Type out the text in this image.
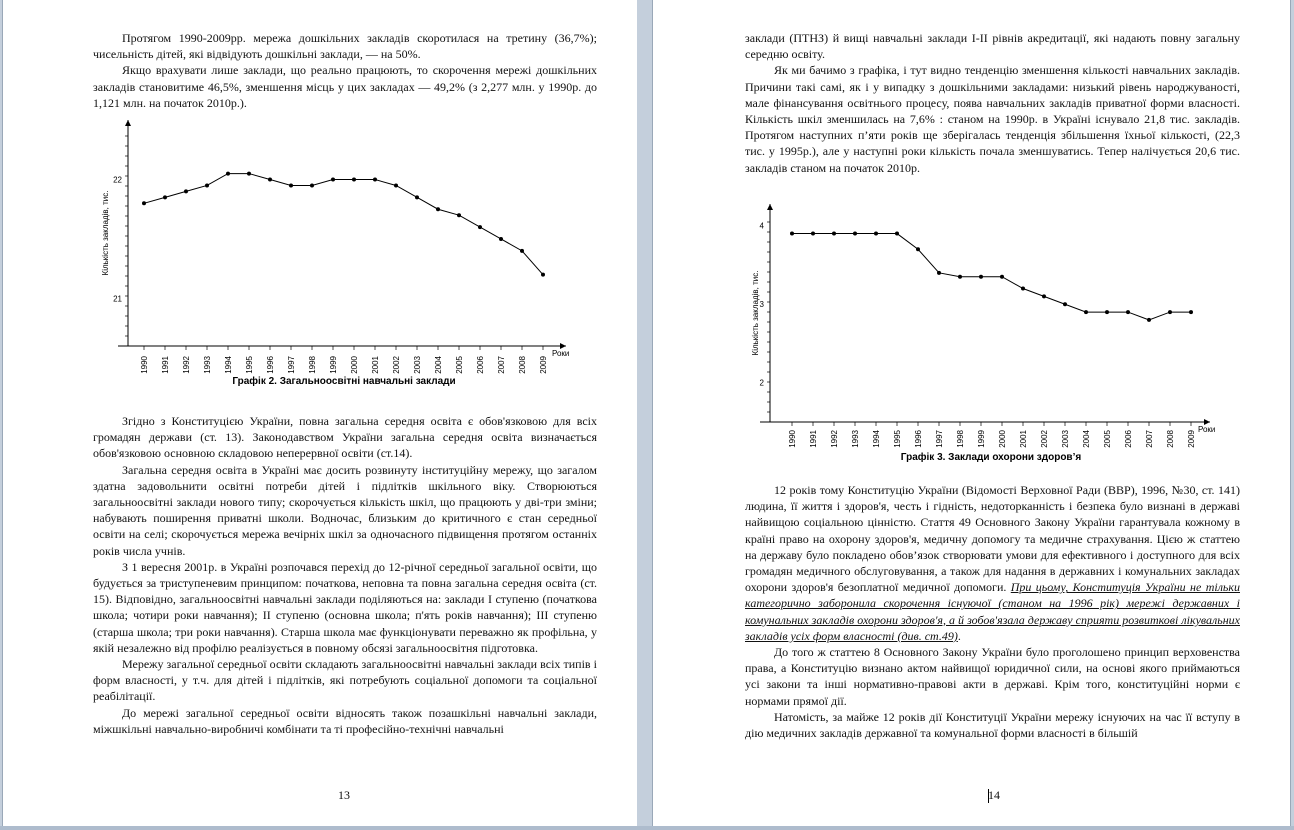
Протягом 1990-2009рр. мережа дошкільних закладів скоротилася на третину (36,7%); чисельність дітей, які відвідують дошкільні заклади, — на 50%.

Якщо врахувати лише заклади, що реально працюють, то скорочення мережі дошкільних закладів становитиме 46,5%, зменшення місць у цих закладах — 49,2% (з 2,277 млн. у 1990р. до 1,121 млн. на початок 2010р.).

21
22
Кількість закладів, тис.
1990 1991 1992 1993 1994 1995 1996 1997 1998 1999 2000 2001 2002 2003 2004 2005 2006 2007 2008 2009
Роки
Графік 2. Загальноосвітні навчальні заклади

Згідно з Конституцією України, повна загальна середня освіта є обов'язковою для всіх громадян держави (ст. 13). Законодавством України загальна середня освіта визначається обов'язковою основною складовою неперервної освіти (ст.14).

Загальна середня освіта в Україні має досить розвинуту інституційну мережу, що загалом здатна задовольнити освітні потреби дітей і підлітків шкільного віку. Створюються загальноосвітні заклади нового типу; скорочується кількість шкіл, що працюють у дві-три зміни; набувають поширення приватні школи. Водночас, близьким до критичного є стан середньої освіти на селі; скорочується мережа вечірніх шкіл за одночасного підвищення протягом останніх років числа учнів.

З 1 вересня 2001р. в Україні розпочався перехід до 12-річної середньої загальної освіти, що будується за триступеневим принципом: початкова, неповна та повна загальна середня освіта (ст. 15). Відповідно, загальноосвітні навчальні заклади поділяються на: заклади I ступеню (початкова школа; чотири роки навчання); II ступеню (основна школа; п'ять років навчання); III ступеню (старша школа; три роки навчання). Старша школа має функціонувати переважно як профільна, у якій незалежно від профілю реалізується в повному обсязі загальноосвітня підготовка.

Мережу загальної середньої освіти складають загальноосвітні навчальні заклади всіх типів і форм власності, у т.ч. для дітей і підлітків, які потребують соціальної допомоги та соціальної реабілітації.

До мережі загальної середньої освіти відносять також позашкільні навчальні заклади, міжшкільні навчально-виробничі комбінати та ті професійно-технічні навчальні

13

заклади (ПТНЗ) й вищі навчальні заклади І-ІІ рівнів акредитації, які надають повну загальну середню освіту.

Як ми бачимо з графіка, і тут видно тенденцію зменшення кількості навчальних закладів. Причини такі самі, як і у випадку з дошкільними закладами: низький рівень народжуваності, мале фінансування освітнього процесу, поява навчальних закладів приватної форми власності. Кількість шкіл зменшилась на 7,6% : станом на 1990р. в Україні існувало 21,8 тис. закладів. Протягом наступних п’яти років ще зберігалась тенденція збільшення їхньої кількості, (22,3 тис. у 1995р.), але у наступні роки кількість почала зменшуватись. Тепер налічується 20,6 тис. закладів станом на початок 2010р.

2
3
4
Кількість закладів, тис.
1990 1991 1992 1993 1994 1995 1996 1997 1998 1999 2000 2001 2002 2003 2004 2005 2006 2007 2008 2009
Роки
Графік 3. Заклади охорони здоров’я

12 років тому Конституцію України (Відомості Верховної Ради (ВВР), 1996, №30, ст. 141) людина, її життя і здоров'я, честь і гідність, недоторканність і безпека було визнані в державі найвищою соціальною цінністю. Стаття 49 Основного Закону України гарантувала кожному в країні право на охорону здоров'я, медичну допомогу та медичне страхування. Цією ж статтею на державу було покладено обов’язок створювати умови для ефективного і доступного для всіх громадян медичного обслуговування, а також для надання в державних і комунальних закладах охорони здоров'я безоплатної медичної допомоги. При цьому, Конституція України не тільки категорично заборонила скорочення існуючої (станом на 1996 рік) мережі державних і комунальних закладів охорони здоров'я, а й зобов'язала державу сприяти розвиткові лікувальних закладів усіх форм власності (див. ст.49).

До того ж статтею 8 Основного Закону України було проголошено принцип верховенства права, а Конституцію визнано актом найвищої юридичної сили, на основі якого приймаються усі закони та інші нормативно-правові акти в державі. Крім того, конституційні норми є нормами прямої дії.

Натомість, за майже 12 років дії Конституції України мережу існуючих на час її вступу в дію медичних закладів державної та комунальної форми власності в більшій

14
